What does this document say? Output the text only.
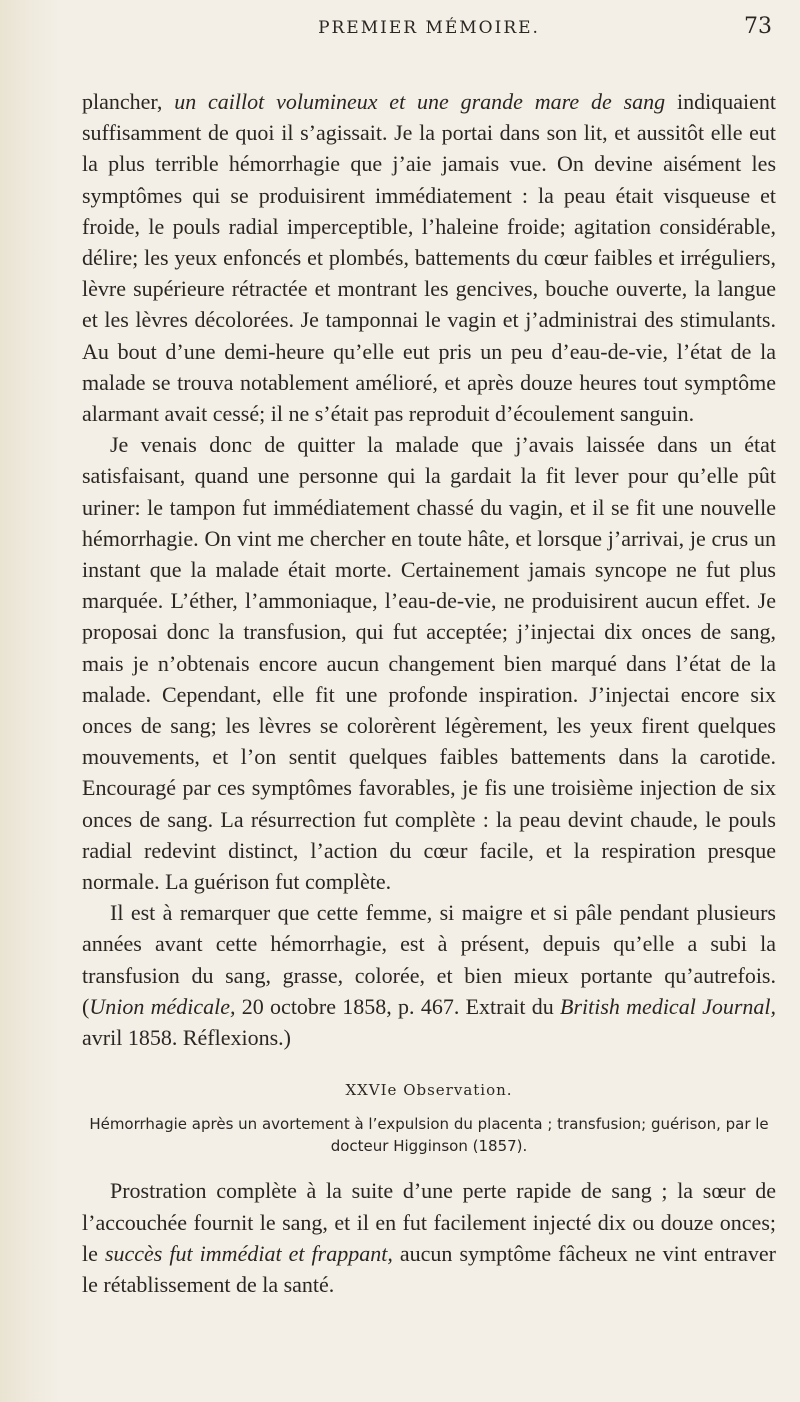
PREMIER MÉMOIRE.	73

plancher, un caillot volumineux et une grande mare de sang indiquaient suffisamment de quoi il s’agissait. Je la portai dans son lit, et aussitôt elle eut la plus terrible hémorrhagie que j’aie jamais vue. On devine aisément les symptômes qui se produisirent immédiatement : la peau était visqueuse et froide, le pouls radial imperceptible, l’haleine froide; agitation considérable, délire; les yeux enfoncés et plombés, battements du cœur faibles et irréguliers, lèvre supérieure rétractée et montrant les gencives, bouche ouverte, la langue et les lèvres décolorées. Je tamponnai le vagin et j’administrai des stimulants. Au bout d’une demi-heure qu’elle eut pris un peu d’eau-de-vie, l’état de la malade se trouva notablement amélioré, et après douze heures tout symptôme alarmant avait cessé; il ne s’était pas reproduit d’écoulement sanguin.

Je venais donc de quitter la malade que j’avais laissée dans un état satisfaisant, quand une personne qui la gardait la fit lever pour qu’elle pût uriner: le tampon fut immédiatement chassé du vagin, et il se fit une nouvelle hémorrhagie. On vint me chercher en toute hâte, et lorsque j’arrivai, je crus un instant que la malade était morte. Certainement jamais syncope ne fut plus marquée. L’éther, l’ammoniaque, l’eau-de-vie, ne produisirent aucun effet. Je proposai donc la transfusion, qui fut acceptée; j’injectai dix onces de sang, mais je n’obtenais encore aucun changement bien marqué dans l’état de la malade. Cependant, elle fit une profonde inspiration. J’injectai encore six onces de sang; les lèvres se colorèrent légèrement, les yeux firent quelques mouvements, et l’on sentit quelques faibles battements dans la carotide. Encouragé par ces symptômes favorables, je fis une troisième injection de six onces de sang. La résurrection fut complète : la peau devint chaude, le pouls radial redevint distinct, l’action du cœur facile, et la respiration presque normale. La guérison fut complète.

Il est à remarquer que cette femme, si maigre et si pâle pendant plusieurs années avant cette hémorrhagie, est à présent, depuis qu’elle a subi la transfusion du sang, grasse, colorée, et bien mieux portante qu’autrefois. (Union médicale, 20 octobre 1858, p. 467. Extrait du British medical Journal, avril 1858. Réflexions.)

XXVIe Observation.
Hémorrhagie après un avortement à l’expulsion du placenta ; transfusion; guérison, par le docteur Higginson (1857).

Prostration complète à la suite d’une perte rapide de sang ; la sœur de l’accouchée fournit le sang, et il en fut facilement injecté dix ou douze onces; le succès fut immédiat et frappant, aucun symptôme fâcheux ne vint entraver le rétablissement de la santé.
